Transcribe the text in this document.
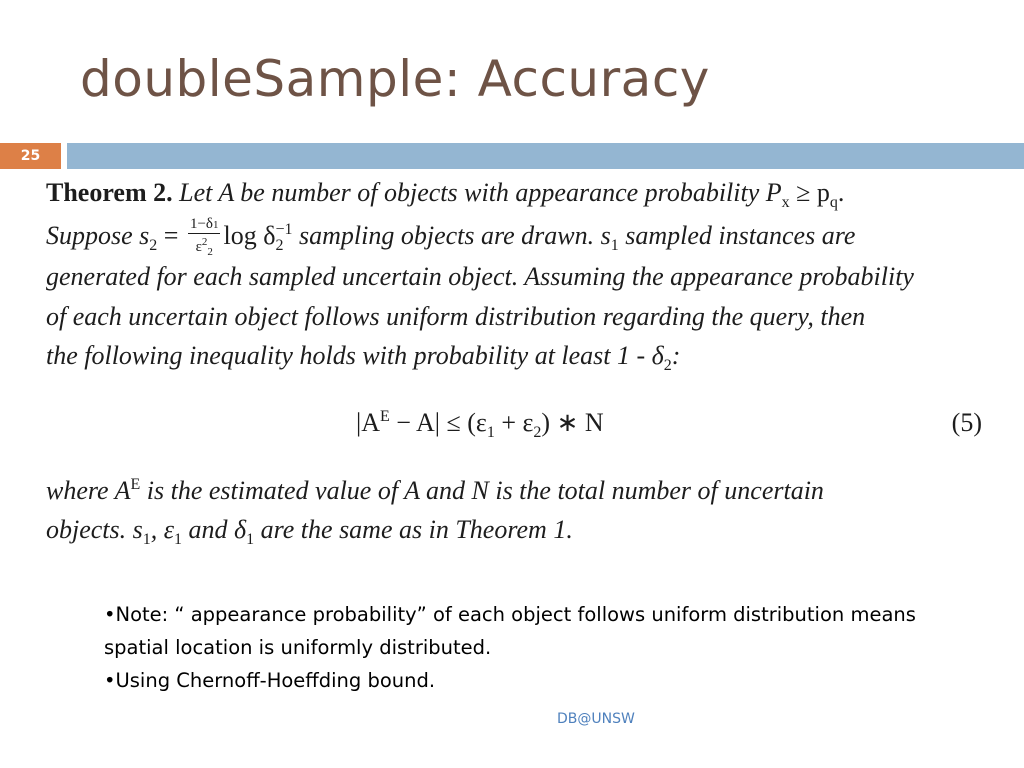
doubleSample: Accuracy
25
Theorem 2. Let A be number of objects with appearance probability $P_x \ge p_q$.
Suppose $s_2 = \frac{1-\delta 1}{\varepsilon^2_2}$ $\log \delta_2^{-1}$ sampling objects are drawn. $s_1$ sampled instances are
generated for each sampled uncertain object. Assuming the appearance probability
of each uncertain object follows uniform distribution regarding the query, then
the following inequality holds with probability at least $1 - \delta_2$:
$|A^E - A| \le (\varepsilon_1 + \varepsilon_2)$ ∗ N	(5)
where $A^E$ is the estimated value of A and N is the total number of uncertain
objects. $s_1$, $\varepsilon_1$ and $\delta_1$ are the same as in Theorem 1.

•Note: “ appearance probability” of each object follows uniform distribution means spatial location is uniformly distributed.

•Using Chernoff-Hoeffding bound.

DB@UNSW
